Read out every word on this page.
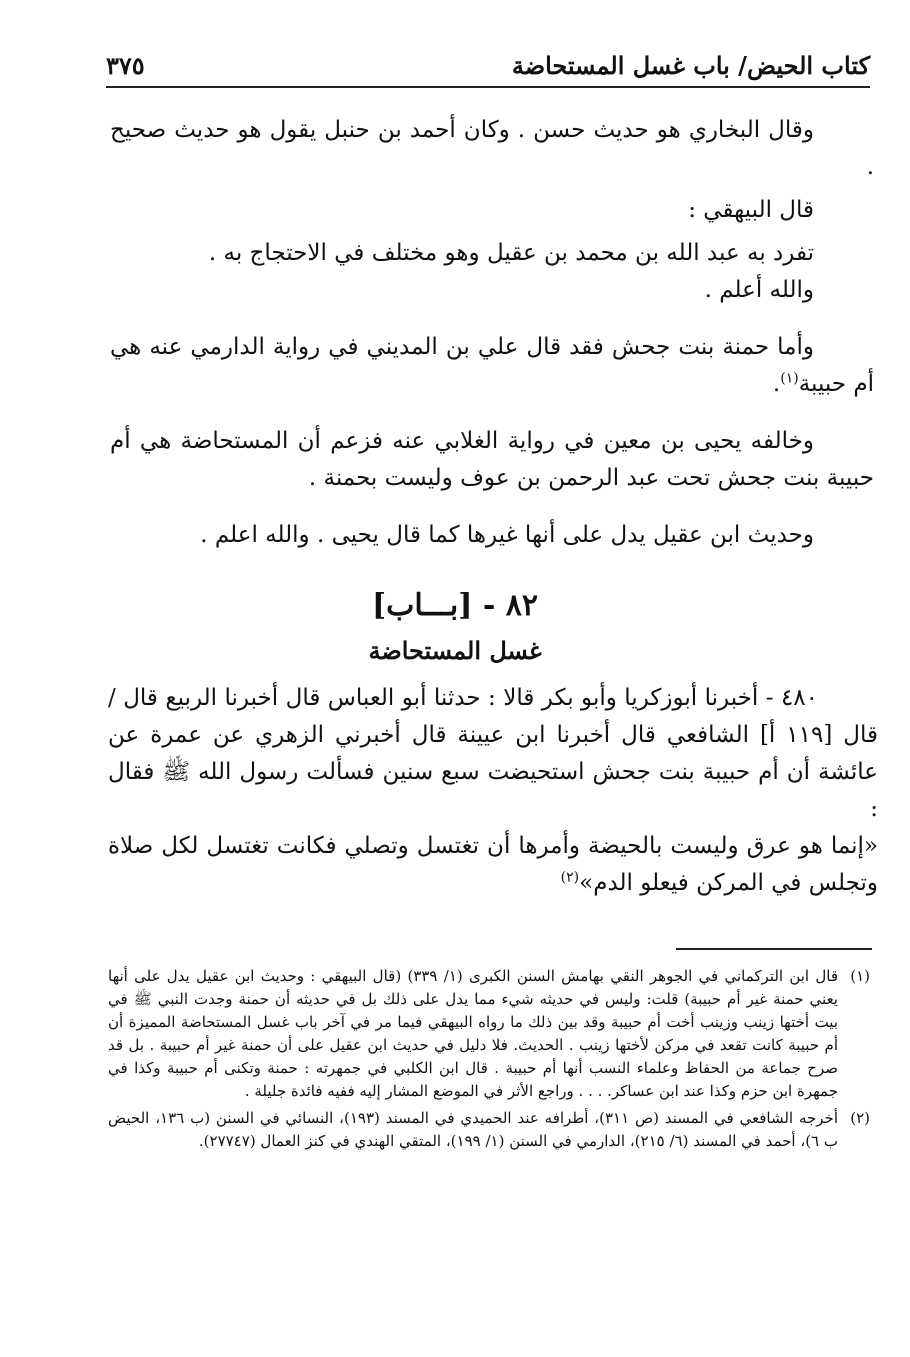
كتاب الحيض/ باب غسل المستحاضة
٣٧٥

وقال البخاري هو حديث حسن . وكان أحمد بن حنبل يقول هو حديث صحيح .

قال البيهقي :

تفرد به عبد الله بن محمد بن عقيل وهو مختلف في الاحتجاج به .

والله أعلم .

وأما حمنة بنت جحش فقد قال علي بن المديني في رواية الدارمي عنه هي أم حبيبة$^{(١)}$.

وخالفه يحيى بن معين في رواية الغلابي عنه فزعم أن المستحاضة هي أم حبيبة بنت جحش تحت عبد الرحمن بن عوف وليست بحمنة .

وحديث ابن عقيل يدل على أنها غيرها كما قال يحيى . والله اعلم .

٨٢ - [بـــاب]
غسل المستحاضة

٤٨٠ - أخبرنا أبوزكريا وأبو بكر قالا : حدثنا أبو العباس قال أخبرنا الربيع قال / قال [١١٩ أ] الشافعي قال أخبرنا ابن عيينة قال أخبرني الزهري عن عمرة عن عائشة أن أم حبيبة بنت جحش استحيضت سبع سنين فسألت رسول الله ﷺ فقال :

«إنما هو عرق وليست بالحيضة وأمرها أن تغتسل وتصلي فكانت تغتسل لكل صلاة وتجلس في المركن فيعلو الدم»$^{(٢)}$

(١)
قال ابن التركماني في الجوهر النقي بهامش السنن الكبرى (١/ ٣٣٩) (قال البيهقي : وحديث ابن عقيل يدل على أنها يعني حمنة غير أم حبيبة) قلت: وليس في حديثه شيء مما يدل على ذلك بل في حديثه أن حمنة وجدت النبي ﷺ في بيت أختها زينب وزينب أخت أم حبيبة وقد بين ذلك ما رواه البيهقي فيما مر في آخر باب غسل المستحاضة المميزة أن أم حبيبة كانت تقعد في مركن لأختها زينب . الحديث. فلا دليل في حديث ابن عقيل على أن حمنة غير أم حبيبة . بل قد صرح جماعة من الحفاظ وعلماء النسب أنها أم حبيبة . قال ابن الكلبي في جمهرته : حمنة وتكنى أم حبيبة وكذا في جمهرة ابن حزم وكذا عند ابن عساكر. . . . وراجع الأثر في الموضع المشار إليه ففيه فائدة جليلة .
(٢)
أخرجه الشافعي في المسند (ص ٣١١)، أطرافه عند الحميدي في المسند (١٩٣)، النسائي في السنن (ب ١٣٦، الحيض ب ٦)، أحمد في المسند (٦/ ٢١٥)، الدارمي في السنن (١/ ١٩٩)، المتقي الهندي في كنز العمال (٢٧٧٤٧).
